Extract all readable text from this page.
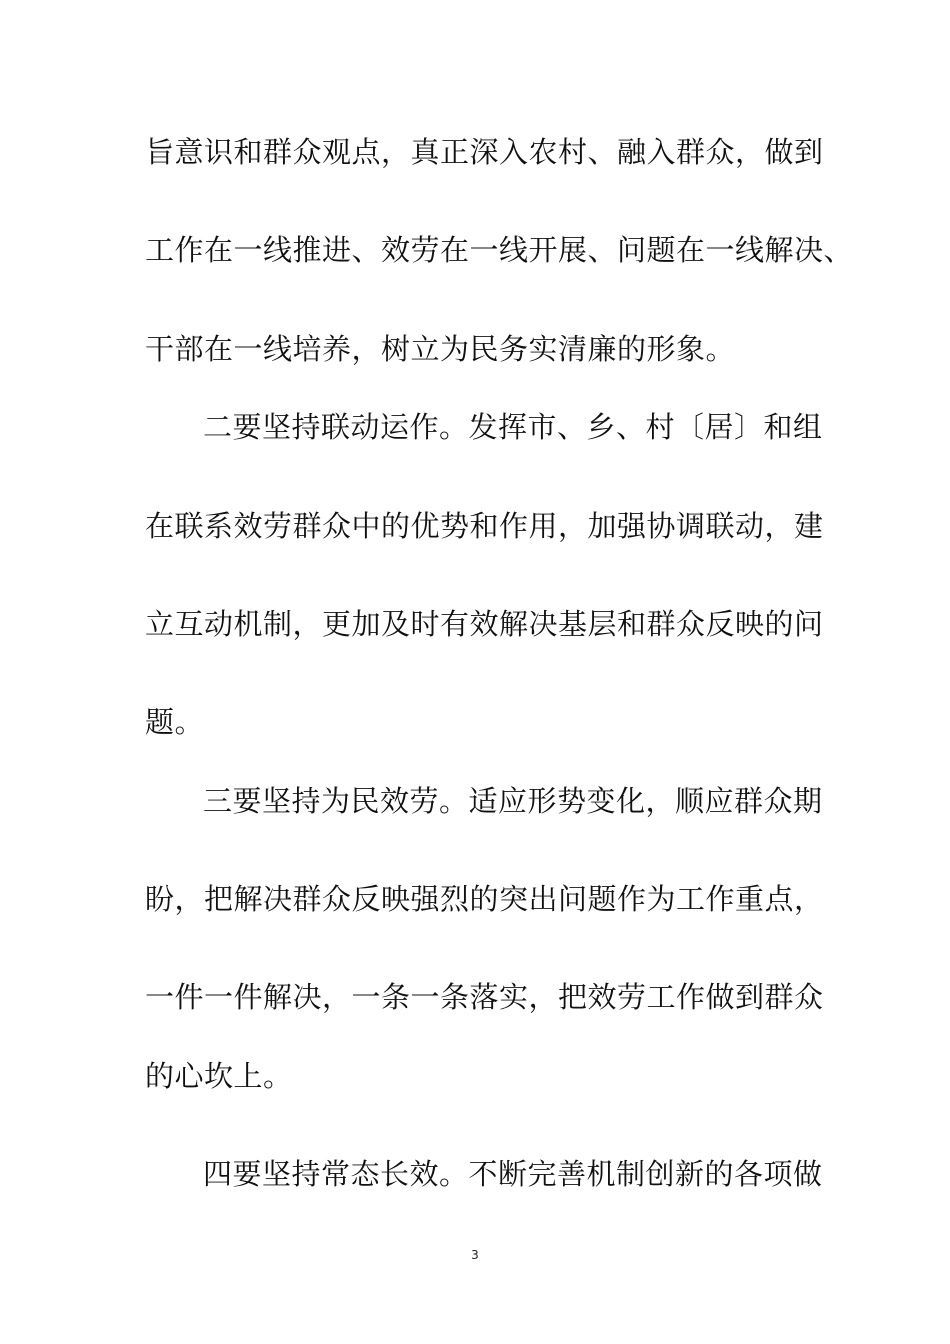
旨意识和群众观点，真正深入农村、融入群众，做到
工作在一线推进、效劳在一线开展、问题在一线解决、
干部在一线培养，树立为民务实清廉的形象。
二要坚持联动运作。发挥市、乡、村〔居〕和组
在联系效劳群众中的优势和作用，加强协调联动，建
立互动机制，更加及时有效解决基层和群众反映的问
题。
三要坚持为民效劳。适应形势变化，顺应群众期
盼，把解决群众反映强烈的突出问题作为工作重点，
一件一件解决，一条一条落实，把效劳工作做到群众
的心坎上。
四要坚持常态长效。不断完善机制创新的各项做
3
